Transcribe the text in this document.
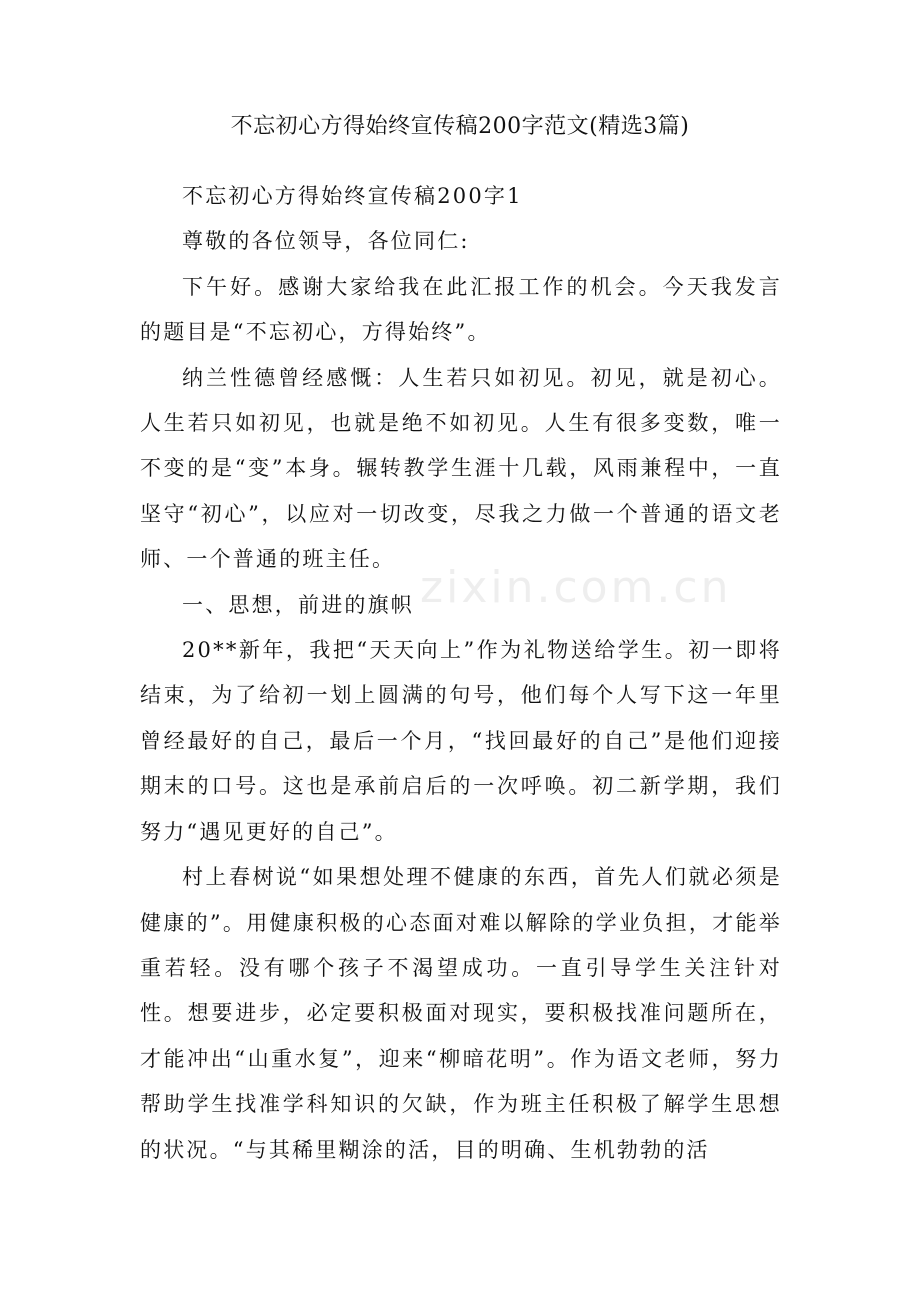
zixin.com.cn
不忘初心方得始终宣传稿200字范文(精选3篇)

不忘初心方得始终宣传稿200字1

尊敬的各位领导，各位同仁:

下午好。感谢大家给我在此汇报工作的机会。今天我发言的题目是“不忘初心，方得始终”。

纳兰性德曾经感慨：人生若只如初见。初见，就是初心。人生若只如初见，也就是绝不如初见。人生有很多变数，唯一不变的是“变”本身。辗转教学生涯十几载，风雨兼程中，一直坚守“初心”，以应对一切改变，尽我之力做一个普通的语文老师、一个普通的班主任。

一、思想，前进的旗帜

20**新年，我把“天天向上”作为礼物送给学生。初一即将结束，为了给初一划上圆满的句号，他们每个人写下这一年里曾经最好的自己，最后一个月，“找回最好的自己”是他们迎接期末的口号。这也是承前启后的一次呼唤。初二新学期，我们努力“遇见更好的自己”。

村上春树说“如果想处理不健康的东西，首先人们就必须是健康的”。用健康积极的心态面对难以解除的学业负担，才能举重若轻。没有哪个孩子不渴望成功。一直引导学生关注针对性。想要进步，必定要积极面对现实，要积极找准问题所在，才能冲出“山重水复”，迎来“柳暗花明”。作为语文老师，努力帮助学生找准学科知识的欠缺，作为班主任积极了解学生思想的状况。“与其稀里糊涂的活，目的明确、生机勃勃的活
